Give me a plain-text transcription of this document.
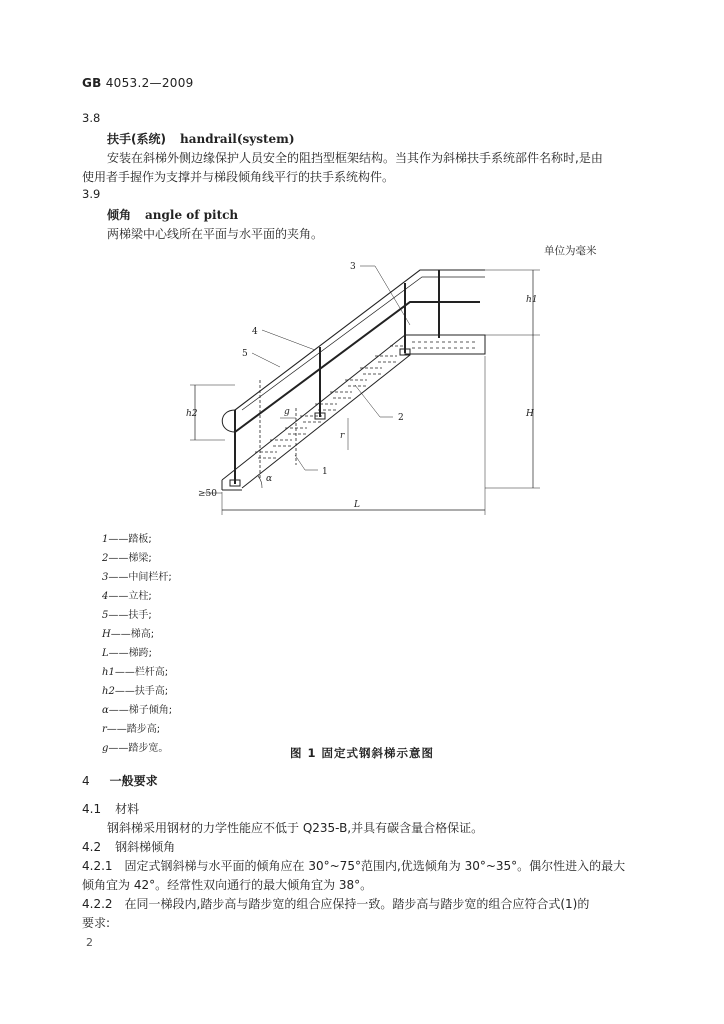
GB 4053.2—2009
3.8
扶手(系统) handrail(system)
安装在斜梯外侧边缘保护人员安全的阻挡型框架结构。当其作为斜梯扶手系统部件名称时,是由
使用者手握作为支撑并与梯段倾角线平行的扶手系统构件。
3.9
倾角 angle of pitch
两梯梁中心线所在平面与水平面的夹角。
单位为毫米
3
4
5
2
1
h2
h1
H
L
g
r
α
≥50
1——踏板;
2——梯梁;
3——中间栏杆;
4——立柱;
5——扶手;
H——梯高;
L——梯跨;
h1——栏杆高;
h2——扶手高;
α——梯子倾角;
r——踏步高;
g——踏步宽。	图 1 固定式钢斜梯示意图
4 一般要求
4.1 材料
钢斜梯采用钢材的力学性能应不低于 Q235-B,并具有碳含量合格保证。
4.2 钢斜梯倾角
4.2.1 固定式钢斜梯与水平面的倾角应在 30°~75°范围内,优选倾角为 30°~35°。偶尔性进入的最大
倾角宜为 42°。经常性双向通行的最大倾角宜为 38°。
4.2.2 在同一梯段内,踏步高与踏步宽的组合应保持一致。踏步高与踏步宽的组合应符合式(1)的
要求:
2
